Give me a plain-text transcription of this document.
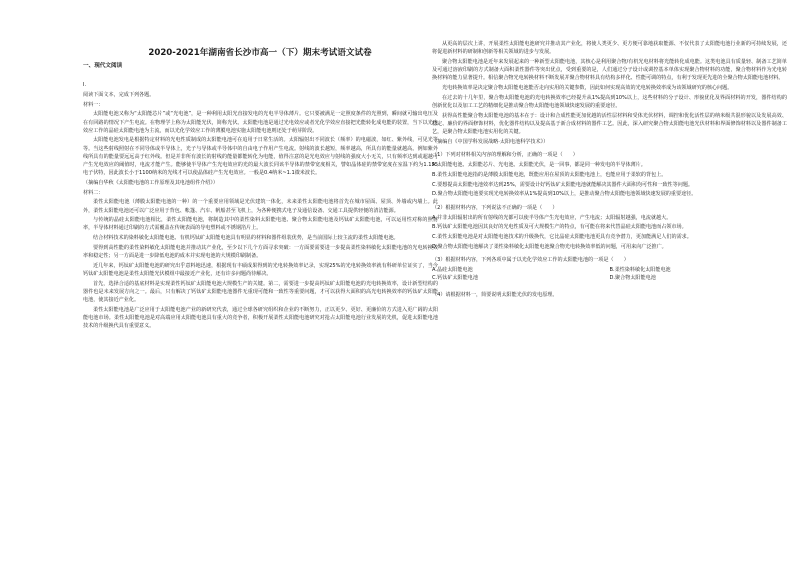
2020-2021年湖南省长沙市高一（下）期末考试语文试卷
一、现代文阅读

I.

阅读下面文本，完成下列各题。

材料一：

太阳能电池又称为“太阳能芯片”或“光电池”，是一种利用太阳光直接发电的光电半导体薄片。它只要被满足一定照度条件的光照到，瞬间就可输出电压及在有回路的情况下产生电流。在物理学上称为太阳能光伏，简称光伏。太阳能电池是通过光电效应或者光化学效应直接把光能转化成电能的装置，当下以光电效应工作的晶硅太阳能电池为主流，而以光化学效应工作的薄膜电池实施太阳能电池则还处于萌芽阶段。

太阳能电池发电是根据特定材料的光电性质制成的太阳能电池可在追用于日常生活的。太阳辐射出不同波长（频率）的电磁波，如红、紫外线，可见光等等。当这些射线照射在不同导体或半导体上，光子与导体或半导体中的自由电子作用产生电流。射线的波长越短，频率越高，所具有的能量就越高。例如紫外线所具有的能量要远远高于红外线。但是并非所有波长的射线的能量都能转化为电能，值得注意的是光电效应与射线的强度大小无关，只有频率达到或超越可产生光电效应的阈值时，电流才能产生。能够使半导体产生光电效应的光的最大波长同该半导体的禁带宽度相关，譬如晶体硅的禁带宽度在室温下约为1.155电子伏特，因此波长小于1100纳米的光线才可以使晶体硅产生光电效应。一般是0.4纳米~1.1微米波长。

（摘编自华秋《太阳能电池的工作原理及其电池组件介绍》）

材料二：

柔性太阳能电池（薄膜太阳能电池的一种）的一个重要应用领域是光伏建筑一体化，未来柔性太阳能电池将首先在城市屋面、屋顶、外墙或内墙上。此外，柔性太阳能电池还可以广泛应用于背包、帐篷、汽车、帆船甚至飞机上，为各种便携式电子及通信设备、交通工具提供轻便的清洁能源。

与传统的晶硅太阳能电池相比，柔性太阳能电池，将制造其中的柔性染料太阳能电池、聚合物太阳能电池及钙钛矿太阳能电池，可以运用性对称的照射率，半导体材料通过印刷的方式需覆盖在传统表面的导电塑料或不锈钢箔片上。

结合材料技术的染料敏化太阳能电池、有机钙钛矿太阳能电池具有明显的材料和器件组装优势，是当前国际上较主流的柔性太阳能电池。

要得到高性能的柔性染料敏化太阳能电池并推动其产业化，至少以下几个方面寻求突破：一方面要需要进一步提高柔性染料敏化太阳能电池的光电转换效率和稳定性；另一方面是进一步降低电池的成本并实现电池的大规模印刷制备。

近几年来，钙钛矿太阳能电池的研究出乎意料地迅速，根据现有丰硕成果得到的光电转换效率记录，实现25%的光电转换效率就有科研单位证实了，当今钙钛矿太阳能电池是柔性太阳能光伏模组中最接近产业化，还有许多问题尚待解决。

首先，选择合适的基底材料是实现柔性钙钛矿太阳能电池大规模生产的关键。第二，需要进一步提高钙钛矿太阳能电池的光电转换效率，设计新型结构的器件也是未来发展方向之一。最后，只有解决了钙钛矿太阳能电池器件无重现可能和一致性等重要问题，才可以获得大面积的高光电转换效率的钙钛矿太阳能电池，使其接近产业化。

柔性太阳能电池是广泛应用于太阳能电池产业的新研究代表，通过全球各研究组织和企业的不断努力，正以更少、更好、更廉价的方式进入更广阔的太阳能电池市场。柔性太阳能电池是对高端应用太阳能电池具有重大的竞争者，积极开展柔性太阳能电池研究对抢占太阳能电池行业发展的先机，促进太阳能电池技术的升级换代具有重要意义。

从更高的层次上讲，开展柔性太阳能电池研究并推动其产业化，将使人类更少、更方便可靠地获取能源、不仅代表了太阳能电池行业新的可持续发展，还将促进新材料的研制和创新等相关领域的进步与发展。

聚合物太阳能电池是近年来发展起来的一种新型太阳能电池，其核心是利用聚合物/有机光电材料将光能转化成电能。这类电池具有质量轻、制备工艺简单及可通过溶液印刷的方式制备大面积柔性器件等突出优点，受到重要的是，人们通过分子设计或调控基本单体实现聚合物材料的功能，聚合物材料作为光电转换材料的能力显著提升。相信聚合物光电转换材料不断发展并聚合物材料具有结构多样化、性能可调的特点，有利于发现更先进的全聚合物太阳能电池材料。

光电转换效率是决定聚合物太阳能电池能否走向实用的关键参数，因此如何实现高效的光电转换效率成为该领域研究的核心问题。

在过去的十几年里，聚合物太阳能电池的光电转换效率已经提升从1%提高到10%以上，这些材料的分子设计、形貌优化及界面材料的开发，器件结构的创新优化以及加工工艺的精细化是推动聚合物太阳能电池领域快速发展的重要途径。

获得高性能聚合物太阳能电池的基本在于：设计和合成性能更加优越的活性层材料和受体光伏材料，调控和优化活性层的纳米级共混形貌以及发展高效、稳定、廉价的界面修饰材料，优化器件结构以及提高基于新合成材料的器件工艺。因此，深入研究聚合物太阳能电池光伏材料和界面修饰材料以及器件制备工艺，是聚合物太阳能电池实用化的关键。

（摘编自《中国学科发展战略·太阳电池科学技术》）

（1）下列对材料相关内容的理解和分析，正确的一项是（　　）

A.太阳能电池、太阳能芯片、光电池、太阳能光伏，是一回事，都是同一种发电的半导体薄片。

B.柔性太阳能电池指的是薄膜太阳能电池，既能应用在屋顶的太阳能电池上，也能应用于柔软的背包上。

C.要想提高太阳能电池效率达到25%，需要设计好钙钛矿太阳能电池就能解决其器件大面积均可性和一致性等问题。

D.聚合物太阳能电池要实现光电转换效率从1%提高到10%以上，是推动聚合物太阳能电池领域快速发展的重要途径。

（2）根据材料内容，下列说法不正确的一项是（　　）

A.并非太阳辐射出的所有射线的光都可以使半导体产生光电效应，产生电流；太阳辐射越强，电流就越大。

B.钙钛矿太阳能电池因其良好的光电性质及可大规模生产的特点，有可能在将来代替晶硅太阳能电池而占领市场。

C.柔性太阳能电池是对太阳能电池技术的升级换代，它比晶硅太阳能电池更具有竞争潜力，更加能满足人们的需求。

D.聚合物太阳能电池解决了柔性染料敏化太阳能电池聚合物光电转换效率低的问题，可用来向广泛推广。

（3）根据材料内容，下列各项中属于以光化学效应工作的太阳能电池的一项是（　　）

A.晶硅太阳能电池	B.柔性染料敏化太阳能电池
C.钙钛矿太阳能电池	D.聚合物太阳能电池

（4）请根据材料一，简要说明太阳能光伏的发电原理。
